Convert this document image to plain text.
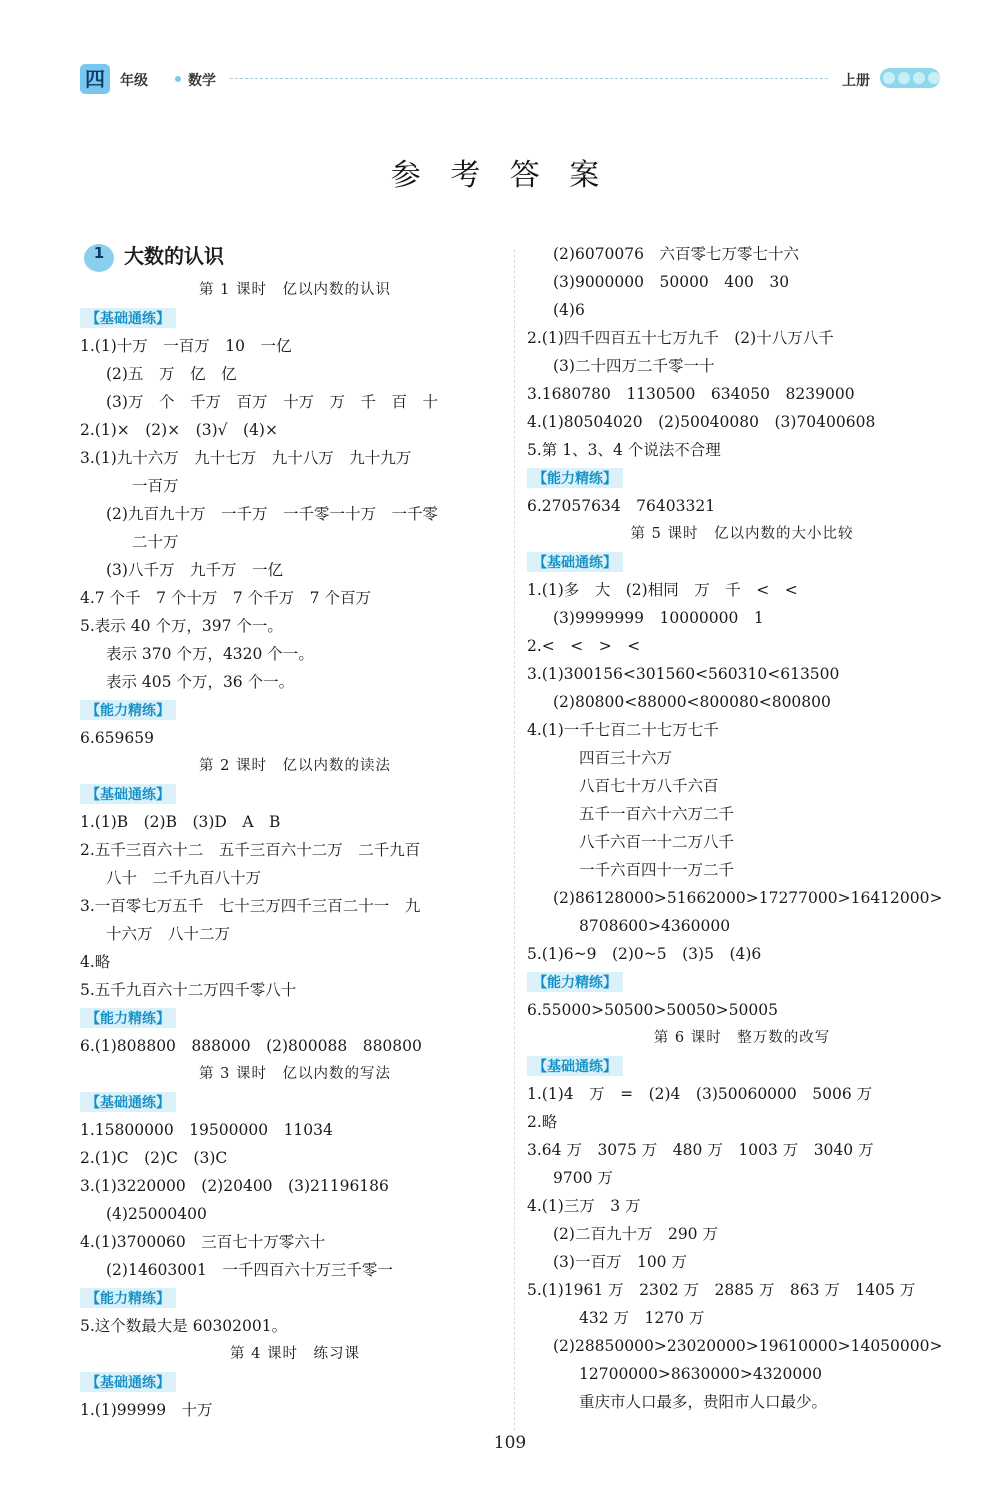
四	年级	数学	上册
参 考 答 案
1 大数的认识
第 1 课时　亿以内数的认识
【基础通练】
1.(1)十万　一百万　10　一亿
(2)五　万　亿　亿
(3)万　个　千万　百万　十万　万　千　百　十
2.(1)×　(2)×　(3)√　(4)×
3.(1)九十六万　九十七万　九十八万　九十九万
一百万
(2)九百九十万　一千万　一千零一十万　一千零
二十万
(3)八千万　九千万　一亿
4.7 个千　7 个十万　7 个千万　7 个百万
5.表示 40 个万，397 个一。
表示 370 个万，4320 个一。
表示 405 个万，36 个一。
【能力精练】
6.659659
第 2 课时　亿以内数的读法
【基础通练】
1.(1)B　(2)B　(3)D　A　B
2.五千三百六十二　五千三百六十二万　二千九百
八十　二千九百八十万
3.一百零七万五千　七十三万四千三百二十一　九
十六万　八十二万
4.略
5.五千九百六十二万四千零八十
【能力精练】
6.(1)808800　888000　(2)800088　880800
第 3 课时　亿以内数的写法
【基础通练】
1.15800000　19500000　11034
2.(1)C　(2)C　(3)C
3.(1)3220000　(2)20400　(3)21196186
(4)25000400
4.(1)3700060　三百七十万零六十
(2)14603001　一千四百六十万三千零一
【能力精练】
5.这个数最大是 60302001。
第 4 课时　练习课
【基础通练】
1.(1)99999　十万
(2)6070076　六百零七万零七十六
(3)9000000　50000　400　30
(4)6
2.(1)四千四百五十七万九千　(2)十八万八千
(3)二十四万二千零一十
3.1680780　1130500　634050　8239000
4.(1)80504020　(2)50040080　(3)70400608
5.第 1、3、4 个说法不合理
【能力精练】
6.27057634　76403321
第 5 课时　亿以内数的大小比较
【基础通练】
1.(1)多　大　(2)相同　万　千　<　<
(3)9999999　10000000　1
2.<　<　>　<
3.(1)300156<301560<560310<613500
(2)80800<88000<800080<800800
4.(1)一千七百二十七万七千
四百三十六万
八百七十万八千六百
五千一百六十六万二千
八千六百一十二万八千
一千六百四十一万二千
(2)86128000>51662000>17277000>16412000>
8708600>4360000
5.(1)6~9　(2)0~5　(3)5　(4)6
【能力精练】
6.55000>50500>50050>50005
第 6 课时　整万数的改写
【基础通练】
1.(1)4　万　=　(2)4　(3)50060000　5006 万
2.略
3.64 万　3075 万　480 万　1003 万　3040 万
9700 万
4.(1)三万　3 万
(2)二百九十万　290 万
(3)一百万　100 万
5.(1)1961 万　2302 万　2885 万　863 万　1405 万
432 万　1270 万
(2)28850000>23020000>19610000>14050000>
12700000>8630000>4320000
重庆市人口最多，贵阳市人口最少。
109
